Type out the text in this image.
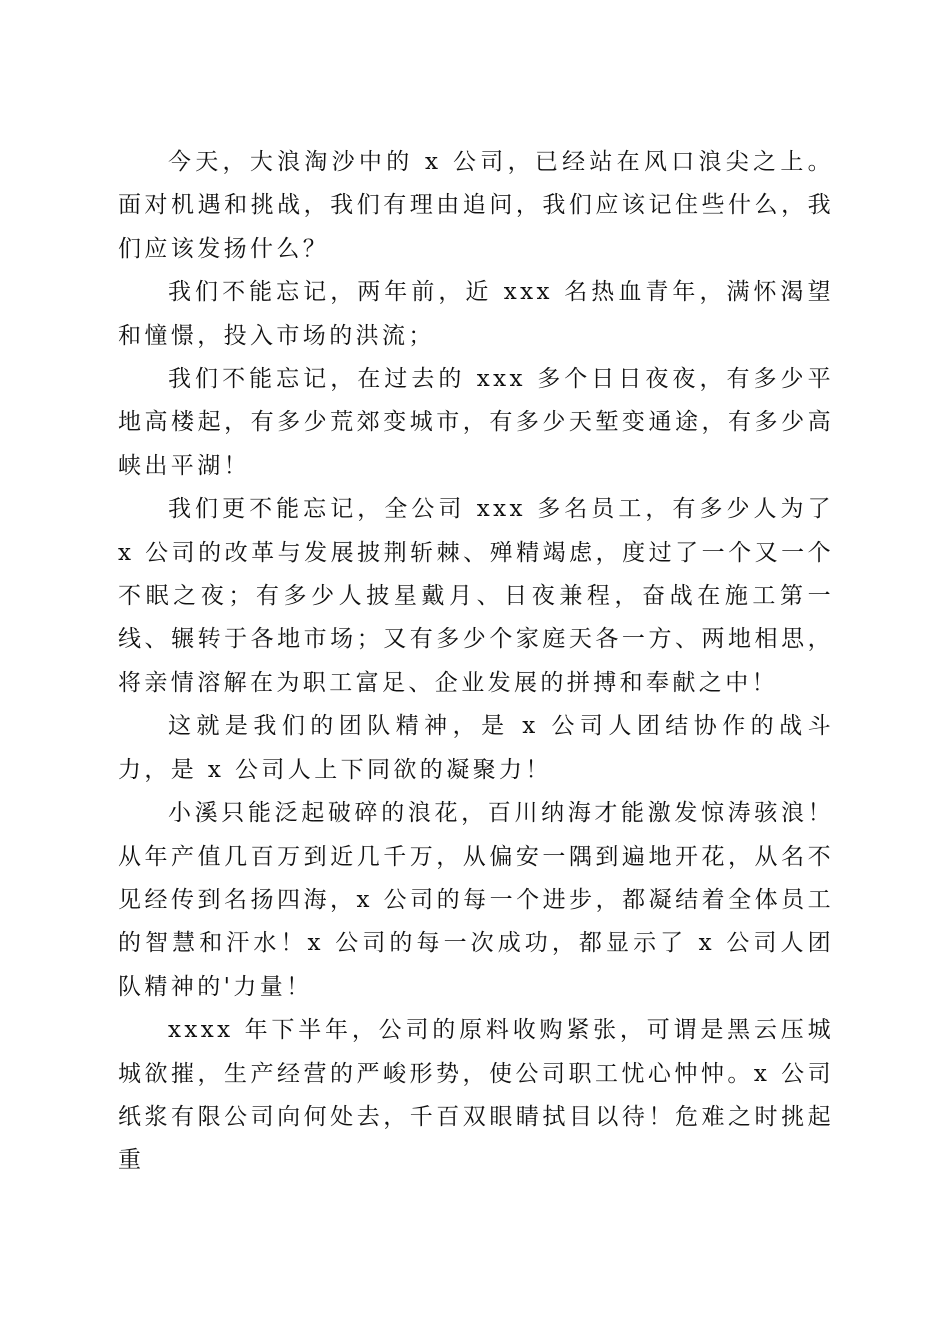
今天，大浪淘沙中的 x 公司，已经站在风口浪尖之上。面对机遇和挑战，我们有理由追问，我们应该记住些什么，我们应该发扬什么？

我们不能忘记，两年前，近 xxx 名热血青年，满怀渴望和憧憬，投入市场的洪流；

我们不能忘记，在过去的 xxx 多个日日夜夜，有多少平地高楼起，有多少荒郊变城市，有多少天堑变通途，有多少高峡出平湖！

我们更不能忘记，全公司 xxx 多名员工，有多少人为了 x 公司的改革与发展披荆斩棘、殚精竭虑，度过了一个又一个不眠之夜；有多少人披星戴月、日夜兼程，奋战在施工第一线、辗转于各地市场；又有多少个家庭天各一方、两地相思，将亲情溶解在为职工富足、企业发展的拼搏和奉献之中！

这就是我们的团队精神，是 x 公司人团结协作的战斗力，是 x 公司人上下同欲的凝聚力！

小溪只能泛起破碎的浪花，百川纳海才能激发惊涛骇浪！从年产值几百万到近几千万，从偏安一隅到遍地开花，从名不见经传到名扬四海，x 公司的每一个进步，都凝结着全体员工的智慧和汗水！x 公司的每一次成功，都显示了 x 公司人团队精神的'力量！

xxxx 年下半年，公司的原料收购紧张，可谓是黑云压城城欲摧，生产经营的严峻形势，使公司职工忧心忡忡。x 公司纸浆有限公司向何处去，千百双眼睛拭目以待！危难之时挑起重
